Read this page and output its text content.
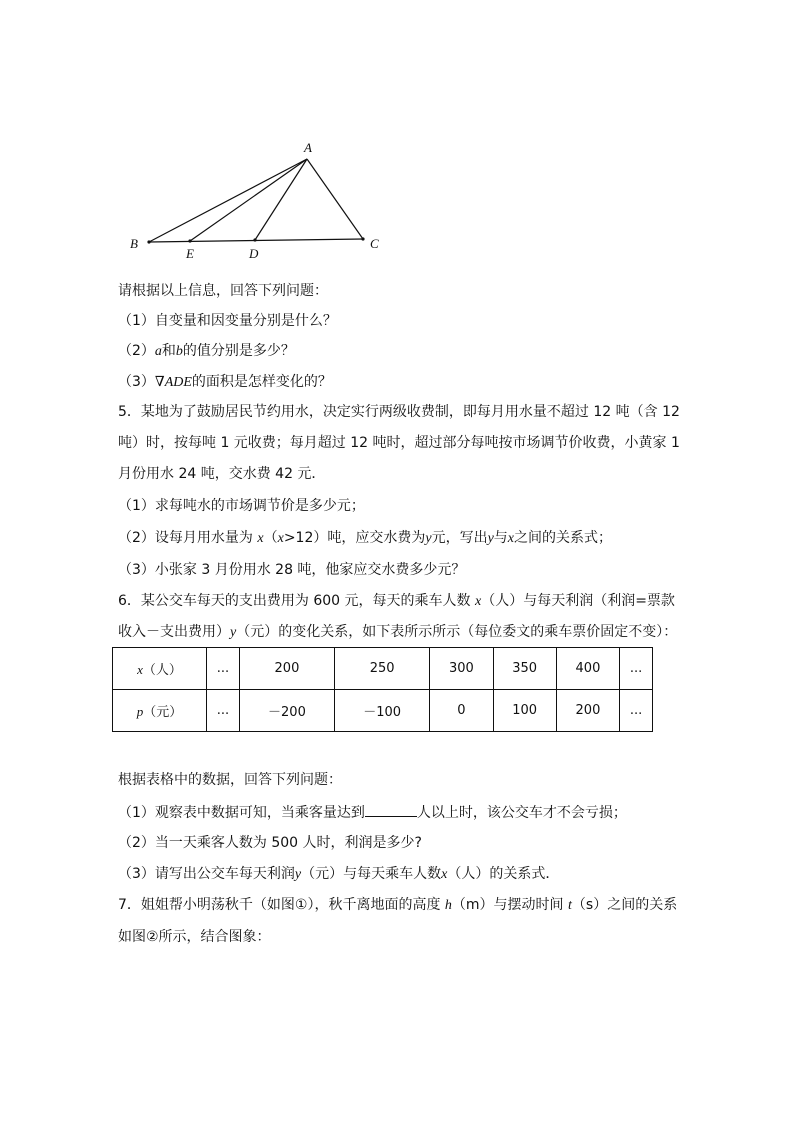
A
B	C
D
E
请根据以上信息，回答下列问题：
（1）自变量和因变量分别是什么？
（2）a和b的值分别是多少？
（3）∇ADE的面积是怎样变化的？
5．某地为了鼓励居民节约用水，决定实行两级收费制，即每月用水量不超过 12 吨（含 12
吨）时，按每吨 1 元收费；每月超过 12 吨时，超过部分每吨按市场调节价收费，小黄家 1
月份用水 24 吨，交水费 42 元．
（1）求每吨水的市场调节价是多少元；
（2）设每月用水量为 x（x>12）吨，应交水费为y元，写出y与x之间的关系式；
（3）小张家 3 月份用水 28 吨，他家应交水费多少元？
6．某公交车每天的支出费用为 600 元，每天的乘车人数 x（人）与每天利润（利润=票款
收入－支出费用）y（元）的变化关系，如下表所示所示（每位委文的乘车票价固定不变）：
x（人）	...	200	250	300	350	400	...
p（元）	...	－200	－100	0	100	200	...
根据表格中的数据，回答下列问题：
（1）观察表中数据可知，当乘客量达到	人以上时，该公交车才不会亏损；
（2）当一天乘客人数为 500 人时，利润是多少?
（3）请写出公交车每天利润y（元）与每天乘车人数x（人）的关系式．
7．姐姐帮小明荡秋千（如图①），秋千离地面的高度 h（m）与摆动时间 t（s）之间的关系
如图②所示，结合图象：
